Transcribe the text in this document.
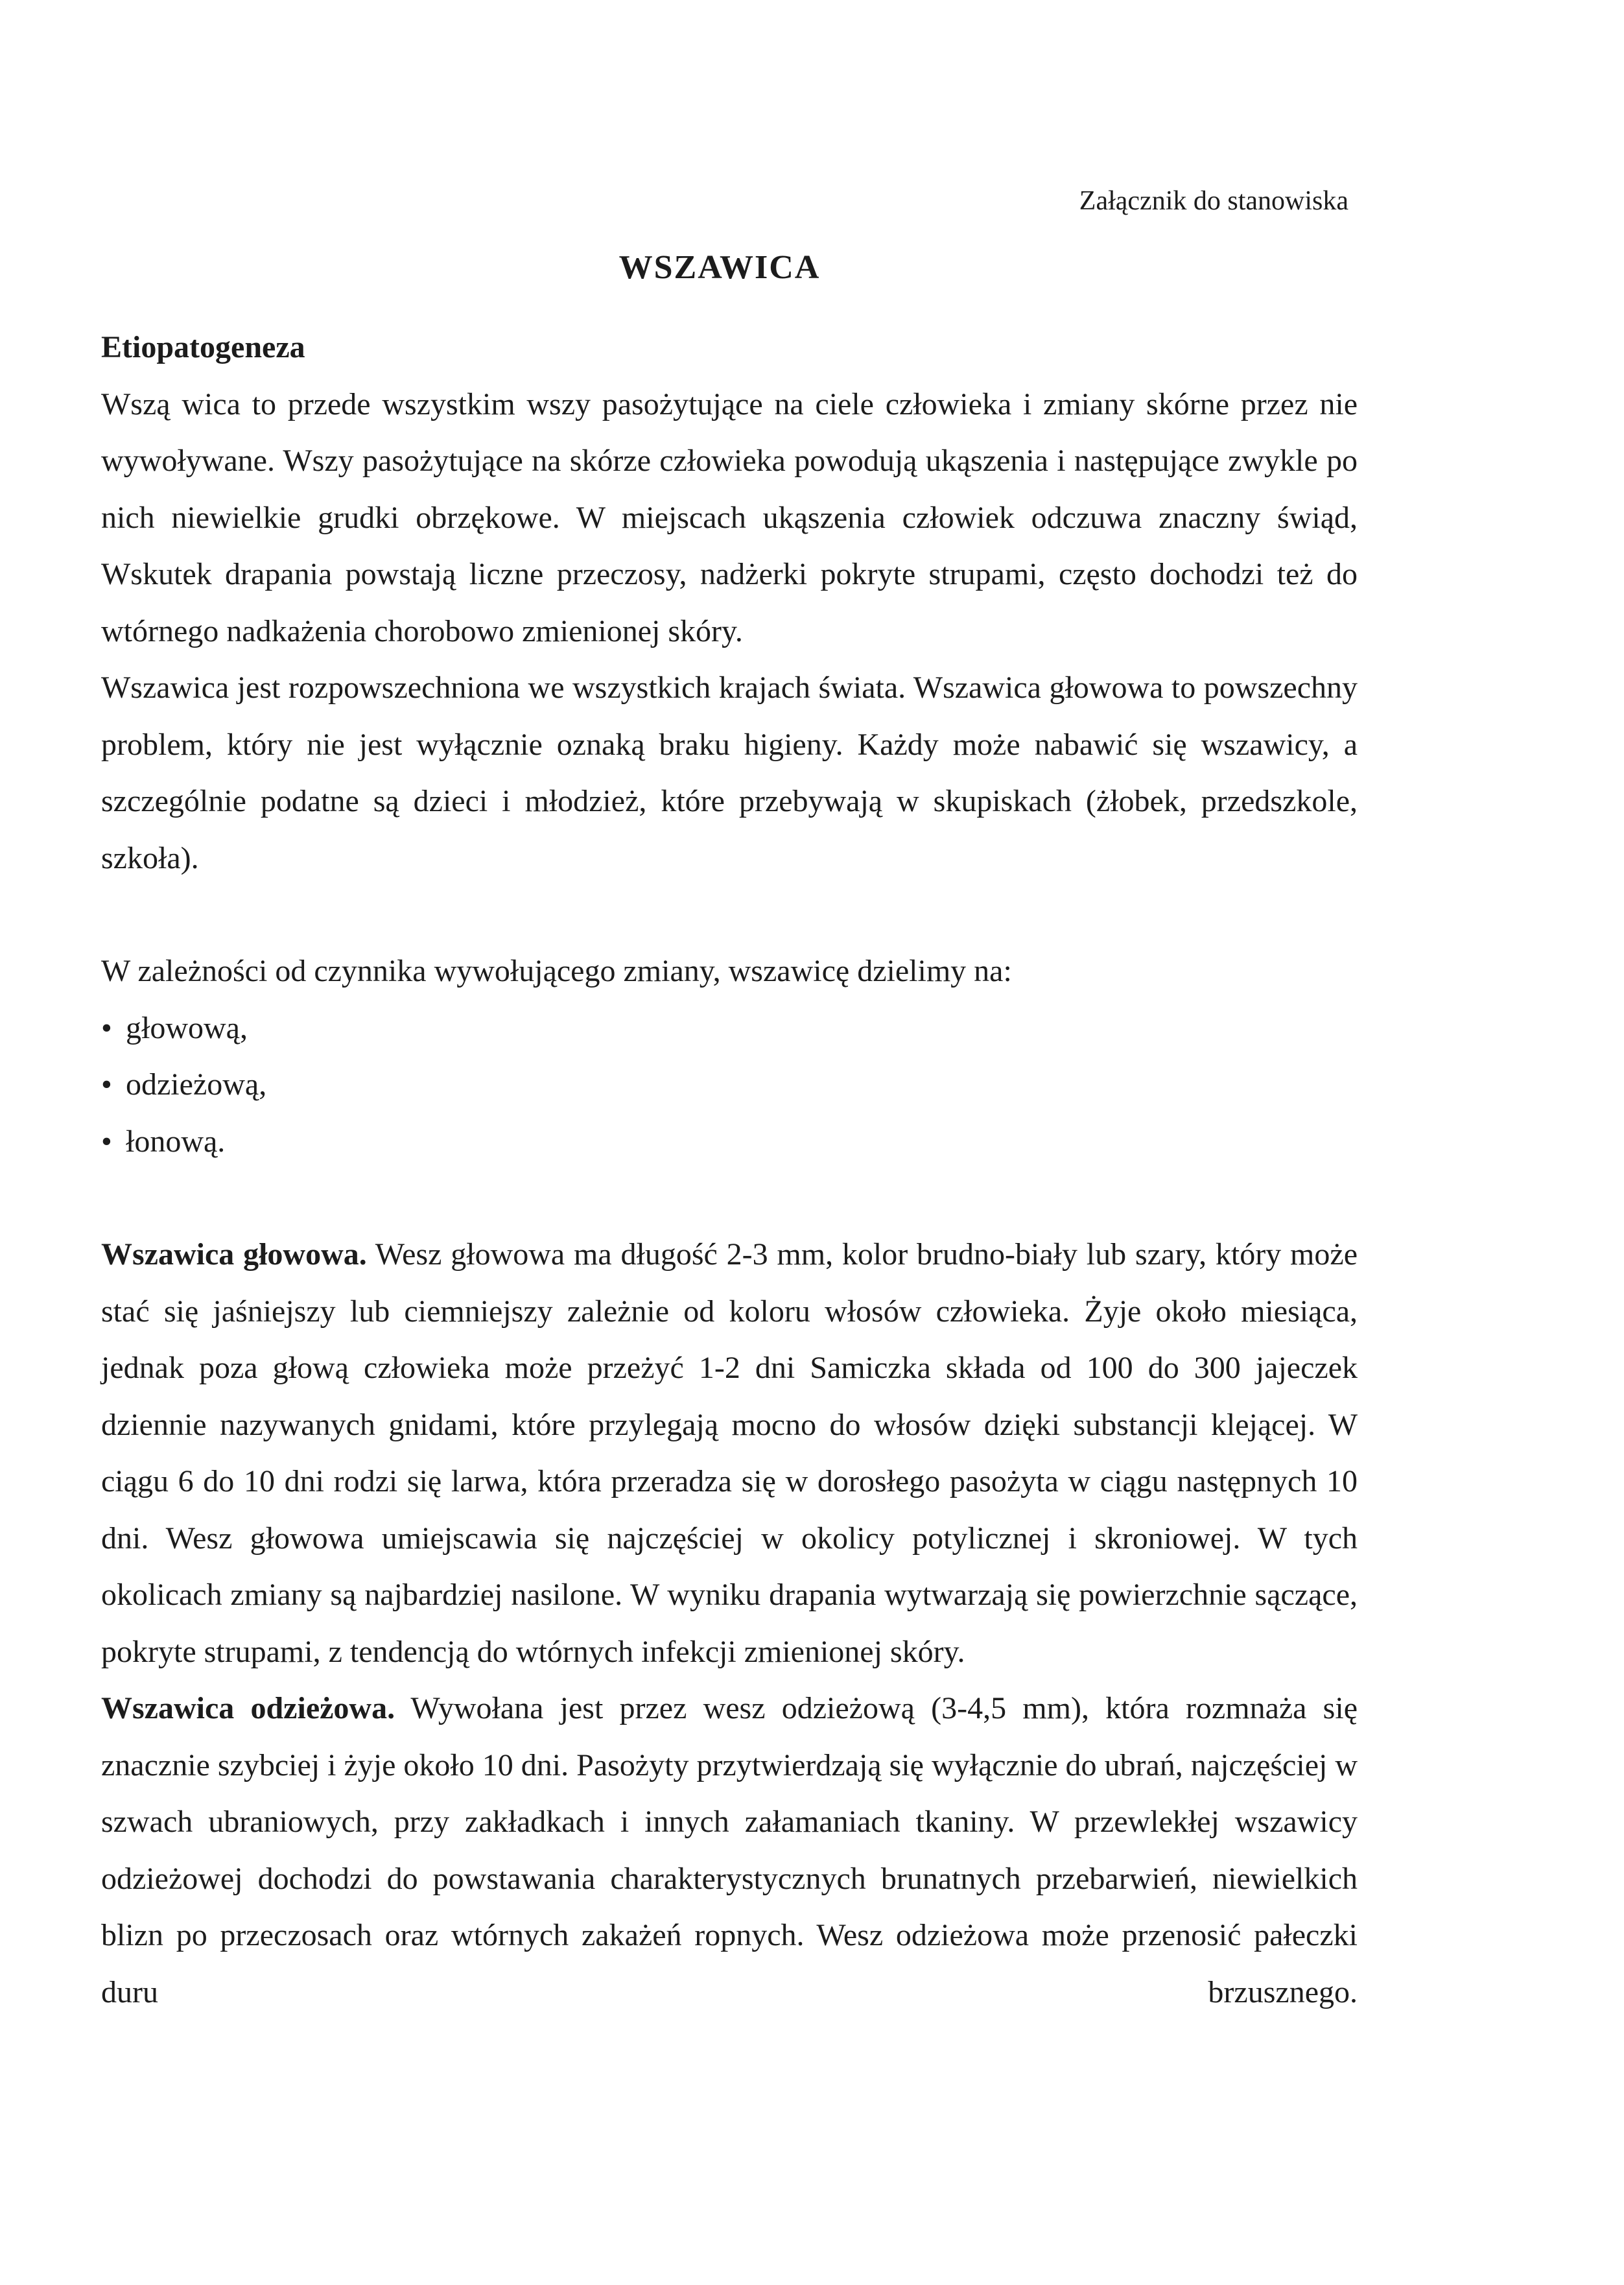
Załącznik do stanowiska
WSZAWICA

Etiopatogeneza

Wszą wica to przede wszystkim wszy pasożytujące na ciele człowieka i zmiany skórne przez nie wywoływane. Wszy pasożytujące na skórze człowieka powodują ukąszenia i następujące zwykle po nich niewielkie grudki obrzękowe. W miejscach ukąszenia człowiek odczuwa znaczny świąd, Wskutek drapania powstają liczne przeczosy, nadżerki pokryte strupami, często dochodzi też do wtórnego nadkażenia chorobowo zmienionej skóry.

Wszawica jest rozpowszechniona we wszystkich krajach świata. Wszawica głowowa to powszechny problem, który nie jest wyłącznie oznaką braku higieny. Każdy może nabawić się wszawicy, a szczególnie podatne są dzieci i młodzież, które przebywają w skupiskach (żłobek, przedszkole, szkoła).

W zależności od czynnika wywołującego zmiany, wszawicę dzielimy na:

• głowową,
• odzieżową,
• łonową.

Wszawica głowowa. Wesz głowowa ma długość 2-3 mm, kolor brudno-biały lub szary, który może stać się jaśniejszy lub ciemniejszy zależnie od koloru włosów człowieka. Żyje około miesiąca, jednak poza głową człowieka może przeżyć 1-2 dni Samiczka składa od 100 do 300 jajeczek dziennie nazywanych gnidami, które przylegają mocno do włosów dzięki substancji klejącej. W ciągu 6 do 10 dni rodzi się larwa, która przeradza się w dorosłego pasożyta w ciągu następnych 10 dni. Wesz głowowa umiejscawia się najczęściej w okolicy potylicznej i skroniowej. W tych okolicach zmiany są najbardziej nasilone. W wyniku drapania wytwarzają się powierzchnie sączące, pokryte strupami, z tendencją do wtórnych infekcji zmienionej skóry.

Wszawica odzieżowa. Wywołana jest przez wesz odzieżową (3-4,5 mm), która rozmnaża się znacznie szybciej i żyje około 10 dni. Pasożyty przytwierdzają się wyłącznie do ubrań, najczęściej w szwach ubraniowych, przy zakładkach i innych załamaniach tkaniny. W przewlekłej wszawicy odzieżowej dochodzi do powstawania charakterystycznych brunatnych przebarwień, niewielkich blizn po przeczosach oraz wtórnych zakażeń ropnych. Wesz odzieżowa może przenosić pałeczki duru brzusznego.
